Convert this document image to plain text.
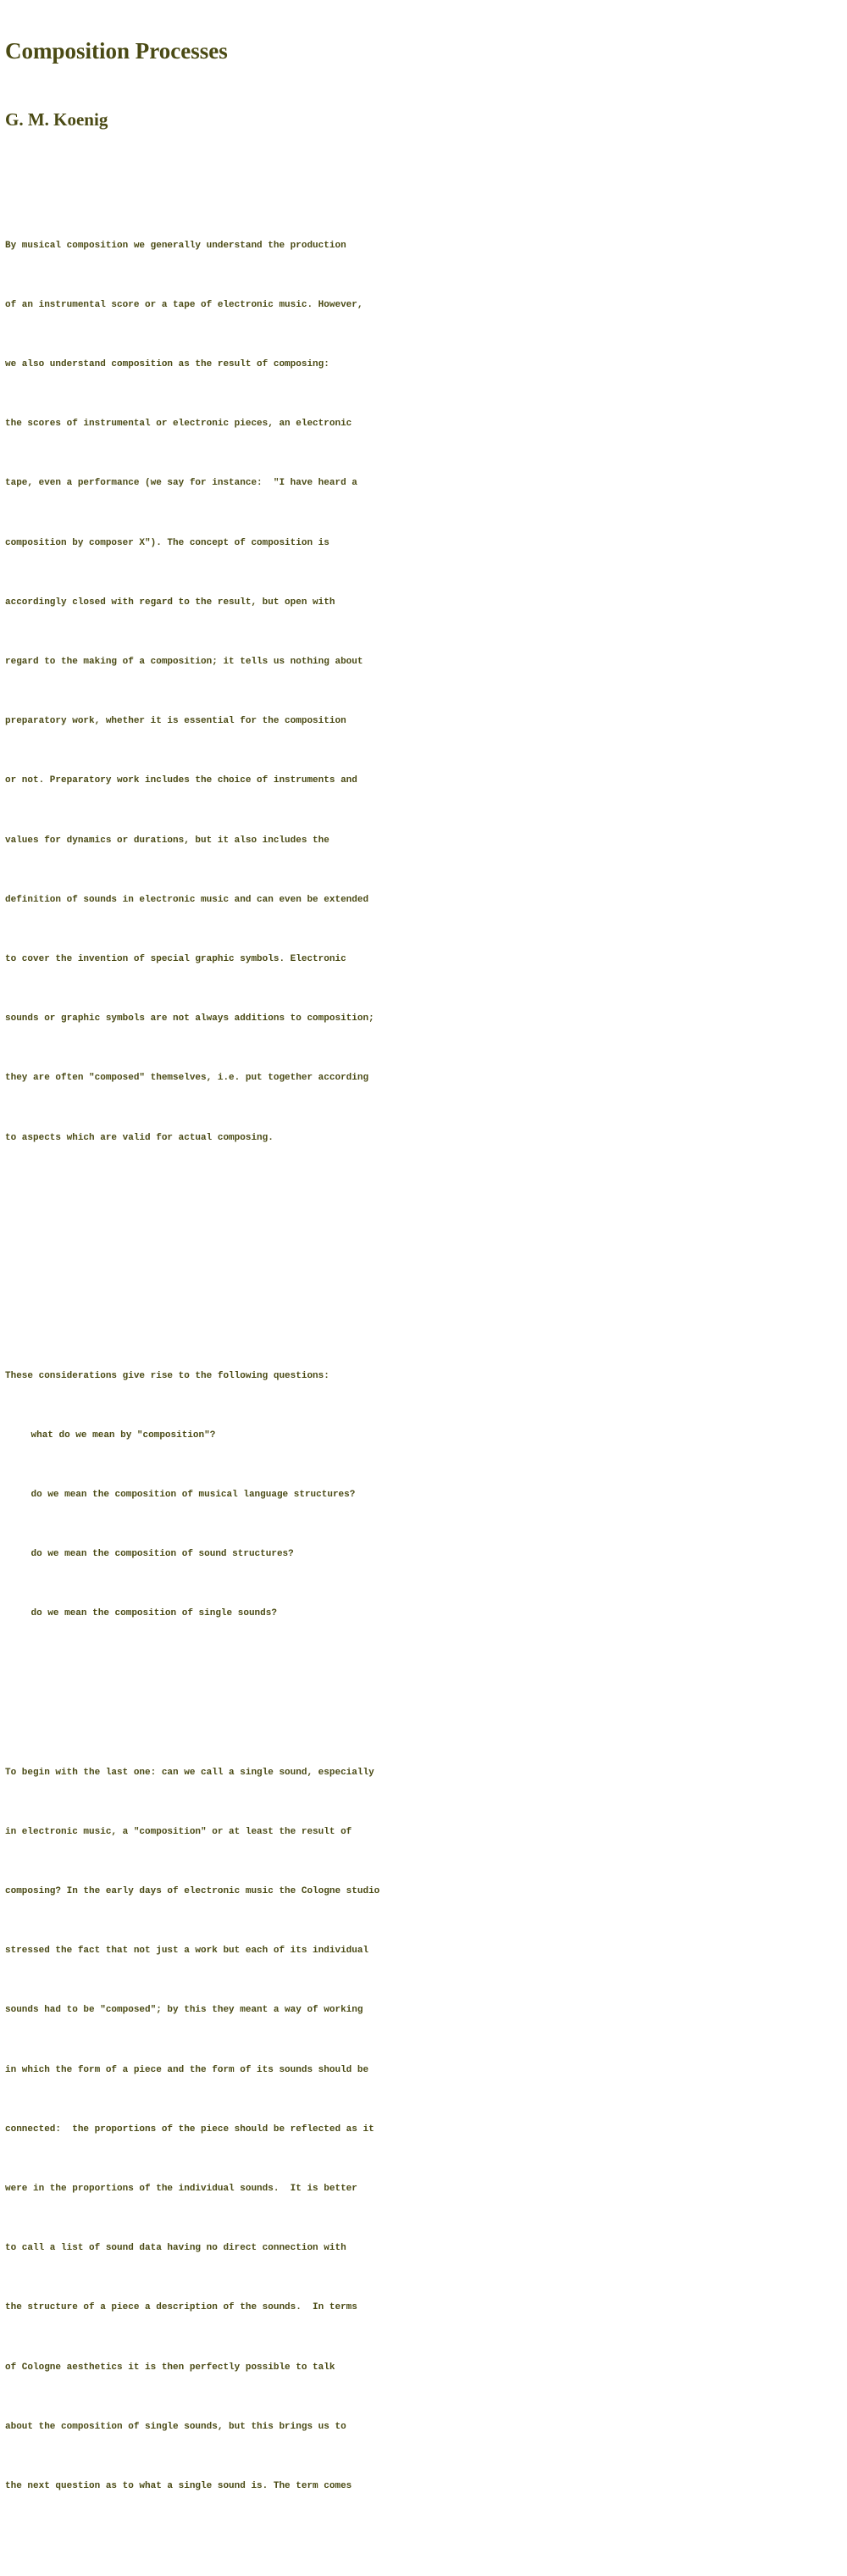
Composition Processes
G. M. Koenig

By musical composition we generally understand the production

of an instrumental score or a tape of electronic music. However,

we also understand composition as the result of composing:

the scores of instrumental or electronic pieces, an electronic

tape, even a performance (we say for instance:  "I have heard a

composition by composer X"). The concept of composition is

accordingly closed with regard to the result, but open with

regard to the making of a composition; it tells us nothing about

preparatory work, whether it is essential for the composition

or not. Preparatory work includes the choice of instruments and

values for dynamics or durations, but it also includes the

definition of sounds in electronic music and can even be extended

to cover the invention of special graphic symbols. Electronic

sounds or graphic symbols are not always additions to composition;

they are often "composed" themselves, i.e. put together according

to aspects which are valid for actual composing.

These considerations give rise to the following questions:

what do we mean by "composition"?

do we mean the composition of musical language structures?

do we mean the composition of sound structures?

do we mean the composition of single sounds?

To begin with the last one: can we call a single sound, especially

in electronic music, a "composition" or at least the result of

composing? In the early days of electronic music the Cologne studio

stressed the fact that not just a work but each of its individual

sounds had to be "composed"; by this they meant a way of working

in which the form of a piece and the form of its sounds should be

connected:  the proportions of the piece should be reflected as it

were in the proportions of the individual sounds.  It is better

to call a list of sound data having no direct connection with

the structure of a piece a description of the sounds.  In terms

of Cologne aesthetics it is then perfectly possible to talk

about the composition of single sounds, but this brings us to

the next question as to what a single sound is. The term comes
